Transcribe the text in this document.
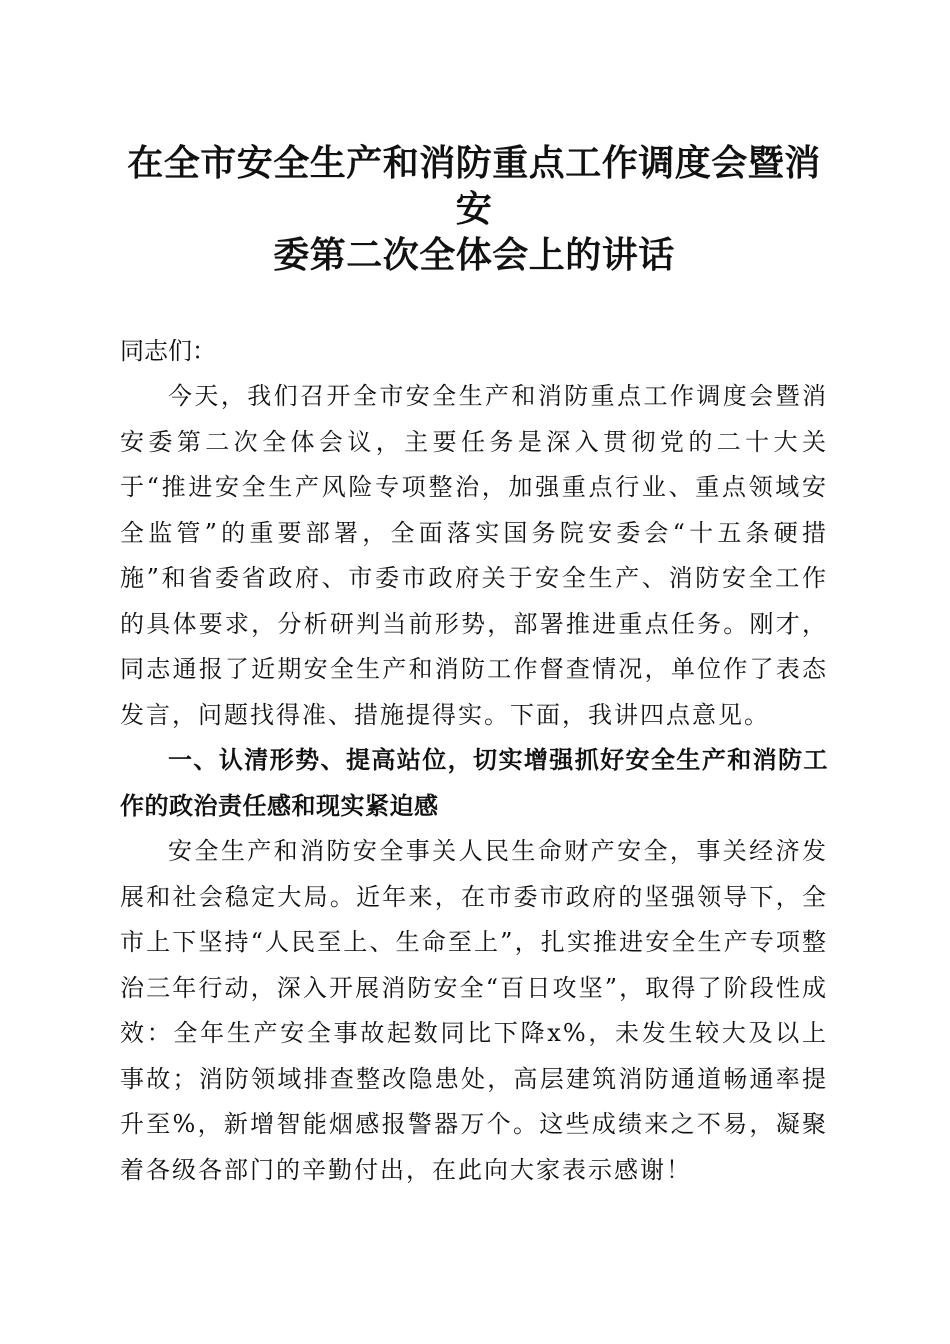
在全市安全生产和消防重点工作调度会暨消安
委第二次全体会上的讲话

同志们：

今天，我们召开全市安全生产和消防重点工作调度会暨消安委第二次全体会议，主要任务是深入贯彻党的二十大关于“推进安全生产风险专项整治，加强重点行业、重点领域安全监管”的重要部署，全面落实国务院安委会“十五条硬措施”和省委省政府、市委市政府关于安全生产、消防安全工作的具体要求，分析研判当前形势，部署推进重点任务。刚才，同志通报了近期安全生产和消防工作督查情况，单位作了表态发言，问题找得准、措施提得实。下面，我讲四点意见。

一、认清形势、提高站位，切实增强抓好安全生产和消防工作的政治责任感和现实紧迫感

安全生产和消防安全事关人民生命财产安全，事关经济发展和社会稳定大局。近年来，在市委市政府的坚强领导下，全市上下坚持“人民至上、生命至上”，扎实推进安全生产专项整治三年行动，深入开展消防安全“百日攻坚”，取得了阶段性成效：全年生产安全事故起数同比下降x%，未发生较大及以上事故；消防领域排查整改隐患处，高层建筑消防通道畅通率提升至%，新增智能烟感报警器万个。这些成绩来之不易，凝聚着各级各部门的辛勤付出，在此向大家表示感谢！
